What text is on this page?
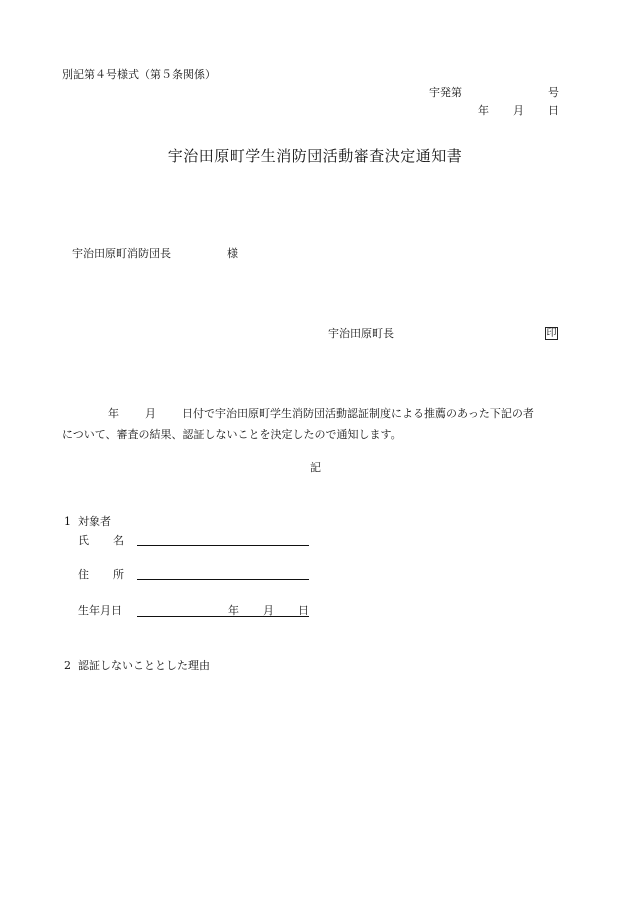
別記第４号様式（第５条関係）
宇発第	号
年 月 日
宇治田原町学生消防団活動審査決定通知書
宇治田原町消防団長	様
宇治田原町長	印
年 月 日付で宇治田原町学生消防団活動認証制度による推薦のあった下記の者
について、審査の結果、認証しないことを決定したので通知します。
記
1 対象者
氏 名
住 所
生年月日	年 月 日
2 認証しないこととした理由
